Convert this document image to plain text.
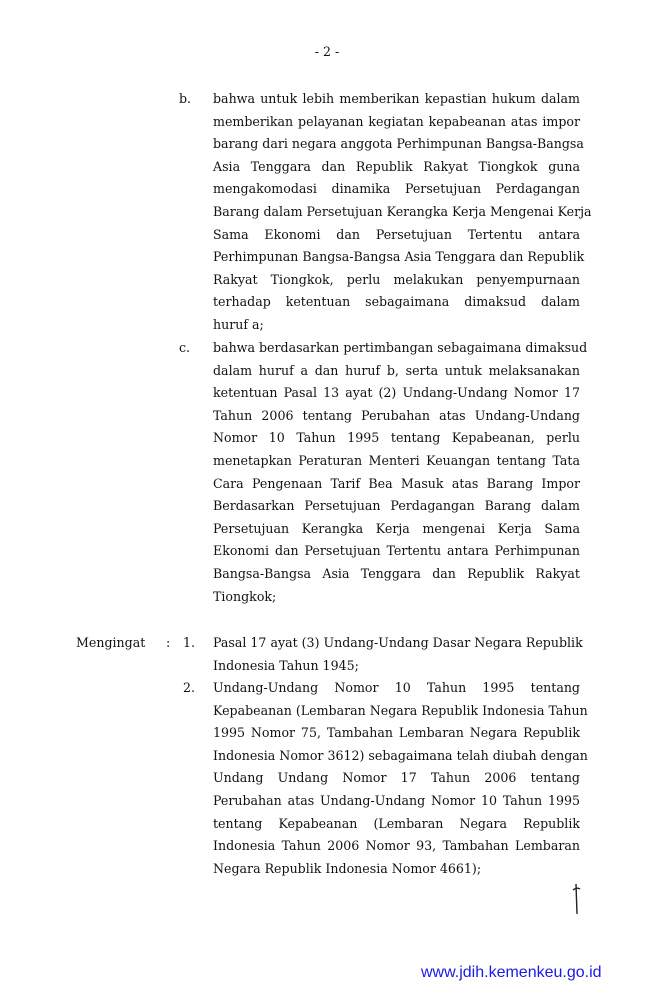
- 2 -
b. bahwa untuk lebih memberikan kepastian hukum dalam
memberikan pelayanan kegiatan kepabeanan atas impor
barang dari negara anggota Perhimpunan Bangsa-Bangsa
Asia Tenggara dan Republik Rakyat Tiongkok guna
mengakomodasi dinamika Persetujuan Perdagangan
Barang dalam Persetujuan Kerangka Kerja Mengenai Kerja
Sama Ekonomi dan Persetujuan Tertentu antara
Perhimpunan Bangsa-Bangsa Asia Tenggara dan Republik
Rakyat Tiongkok, perlu melakukan penyempurnaan
terhadap ketentuan sebagaimana dimaksud dalam
huruf a;
c. bahwa berdasarkan pertimbangan sebagaimana dimaksud
dalam huruf a dan huruf b, serta untuk melaksanakan
ketentuan Pasal 13 ayat (2) Undang-Undang Nomor 17
Tahun 2006 tentang Perubahan atas Undang-Undang
Nomor 10 Tahun 1995 tentang Kepabeanan, perlu
menetapkan Peraturan Menteri Keuangan tentang Tata
Cara Pengenaan Tarif Bea Masuk atas Barang Impor
Berdasarkan Persetujuan Perdagangan Barang dalam
Persetujuan Kerangka Kerja mengenai Kerja Sama
Ekonomi dan Persetujuan Tertentu antara Perhimpunan
Bangsa-Bangsa Asia Tenggara dan Republik Rakyat
Tiongkok;
1. Pasal 17 ayat (3) Undang-Undang Dasar Negara Republik
Indonesia Tahun 1945;
Mengingat :
2. Undang-Undang Nomor 10 Tahun 1995 tentang
Kepabeanan (Lembaran Negara Republik Indonesia Tahun
1995 Nomor 75, Tambahan Lembaran Negara Republik
Indonesia Nomor 3612) sebagaimana telah diubah dengan
Undang Undang Nomor 17 Tahun 2006 tentang
Perubahan atas Undang-Undang Nomor 10 Tahun 1995
tentang Kepabeanan (Lembaran Negara Republik
Indonesia Tahun 2006 Nomor 93, Tambahan Lembaran
Negara Republik Indonesia Nomor 4661);
www.jdih.kemenkeu.go.id
